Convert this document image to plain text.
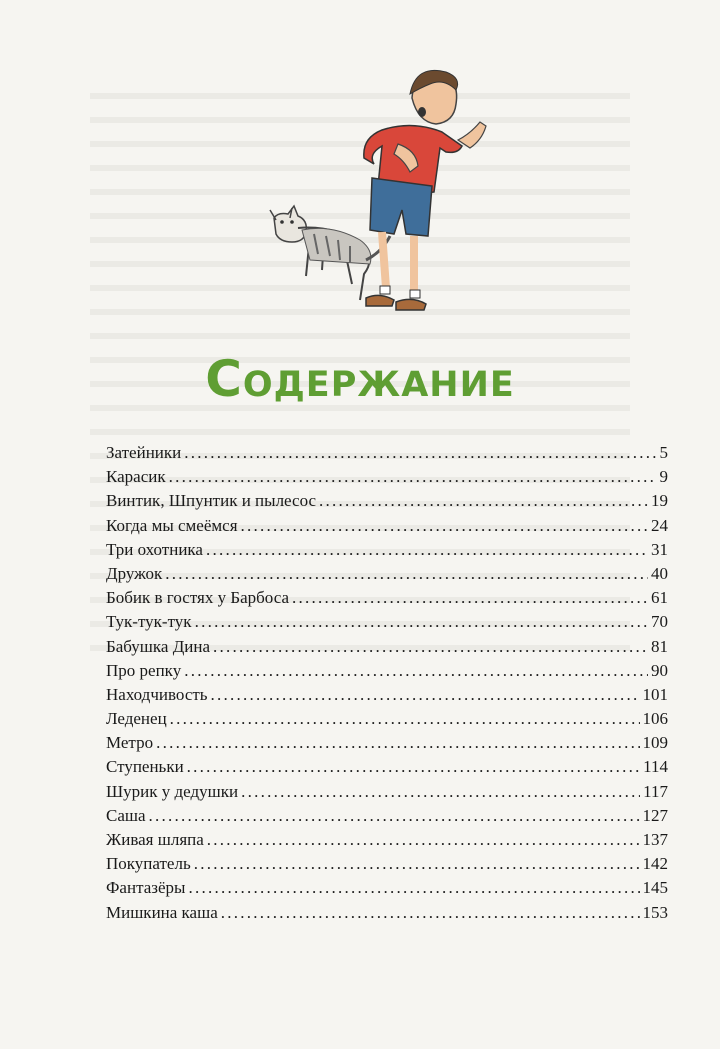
Содержание
Затейники . . .	5
Карасик . . .	9
Винтик, Шпунтик и пылесос . . .	19
Когда мы смеёмся . . .	24
Три охотника . . .	31
Дружок . . .	40
Бобик в гостях у Барбоса . . .	61
Тук-тук-тук . . .	70
Бабушка Дина . . .	81
Про репку . . .	90
Находчивость . . .	101
Леденец . . .	106
Метро . . .	109
Ступеньки . . .	114
Шурик у дедушки . . .	117
Саша . . .	127
Живая шляпа . . .	137
Покупатель . . .	142
Фантазёры . . .	145
Мишкина каша . . .	153
